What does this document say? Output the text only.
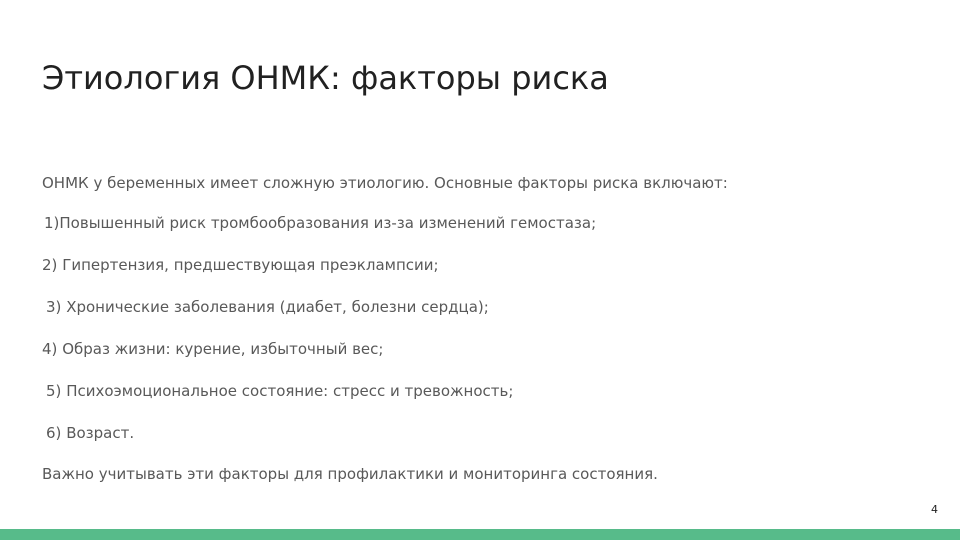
Этиология ОНМК: факторы риска
ОНМК у беременных имеет сложную этиологию. Основные факторы риска включают:
1)Повышенный риск тромбообразования из-за изменений гемостаза;
2) Гипертензия, предшествующая преэклампсии;
3) Хронические заболевания (диабет, болезни сердца);
4) Образ жизни: курение, избыточный вес;
5) Психоэмоциональное состояние: стресс и тревожность;
6) Возраст.
Важно учитывать эти факторы для профилактики и мониторинга состояния.
4
